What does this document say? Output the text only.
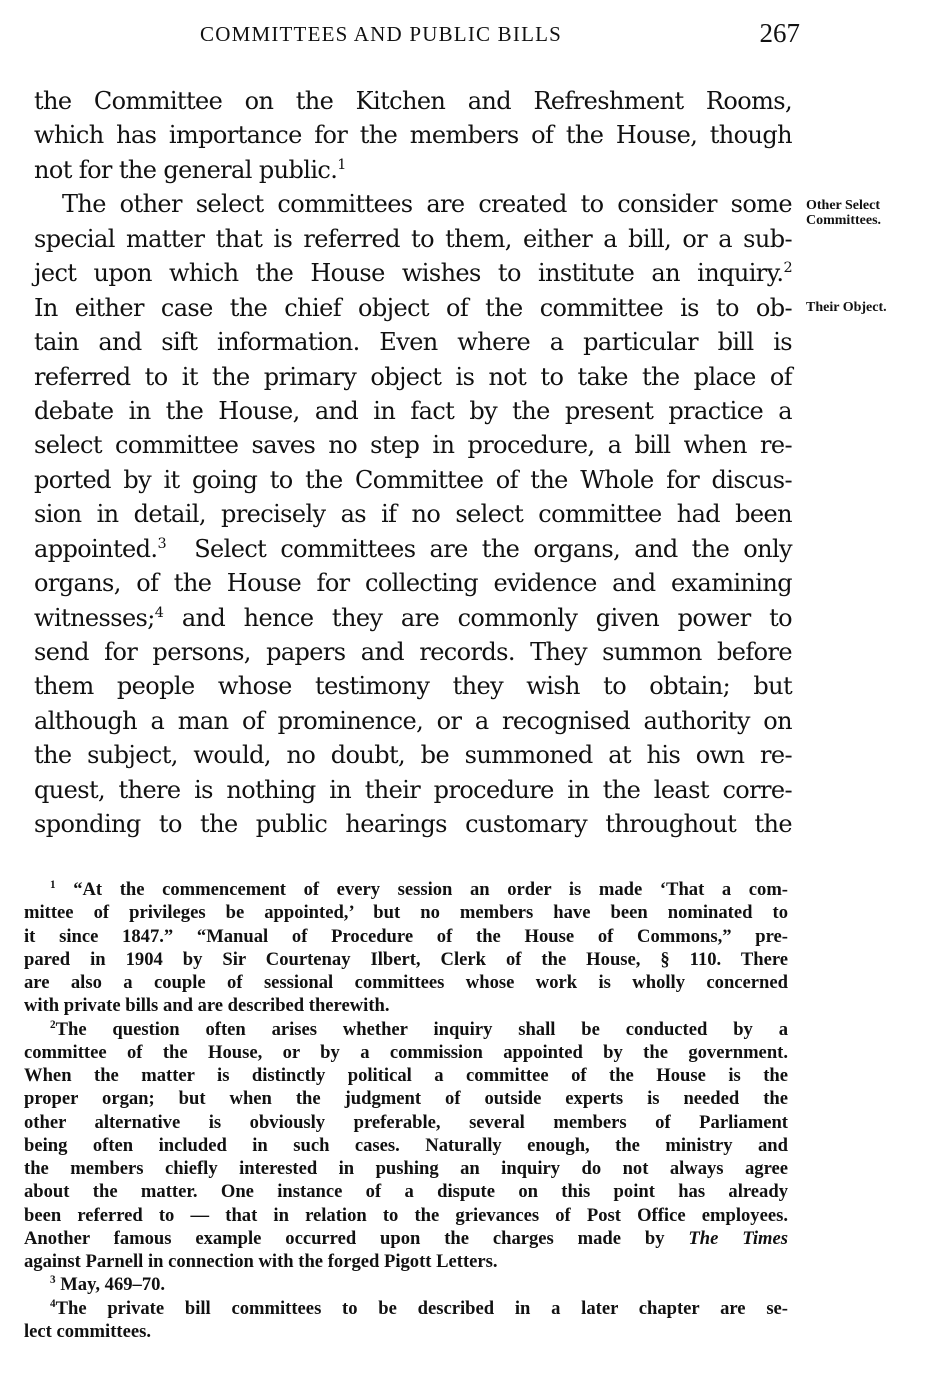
COMMITTEES AND PUBLIC BILLS	267
the Committee on the Kitchen and Refreshment Rooms,
which has importance for the members of the House, though
not for the general public.$^1$
The other select committees are created to consider some
special matter that is referred to them, either a bill, or a sub-
ject upon which the House wishes to institute an inquiry.$^2$
In either case the chief object of the committee is to ob-
tain and sift information. Even where a particular bill is
referred to it the primary object is not to take the place of
debate in the House, and in fact by the present practice a
select committee saves no step in procedure, a bill when re-
ported by it going to the Committee of the Whole for discus-
sion in detail, precisely as if no select committee had been
appointed.$^3$ Select committees are the organs, and the only
organs, of the House for collecting evidence and examining
witnesses;$^4$ and hence they are commonly given power to
send for persons, papers and records. They summon before
them people whose testimony they wish to obtain; but
although a man of prominence, or a recognised authority on
the subject, would, no doubt, be summoned at his own re-
quest, there is nothing in their procedure in the least corre-
sponding to the public hearings customary throughout the
Other Select Committees.
Their Object.
$^1$ “At the commencement of every session an order is made ‘That a com-
mittee of privileges be appointed,’ but no members have been nominated to
it since 1847.” “Manual of Procedure of the House of Commons,” pre-
pared in 1904 by Sir Courtenay Ilbert, Clerk of the House, § 110. There
are also a couple of sessional committees whose work is wholly concerned
with private bills and are described therewith.
$^2$The question often arises whether inquiry shall be conducted by a
committee of the House, or by a commission appointed by the government.
When the matter is distinctly political a committee of the House is the
proper organ; but when the judgment of outside experts is needed the
other alternative is obviously preferable, several members of Parliament
being often included in such cases. Naturally enough, the ministry and
the members chiefly interested in pushing an inquiry do not always agree
about the matter. One instance of a dispute on this point has already
been referred to — that in relation to the grievances of Post Office employees.
Another famous example occurred upon the charges made by The Times
against Parnell in connection with the forged Pigott Letters.
$^3$ May, 469–70.
$^4$The private bill committees to be described in a later chapter are se-
lect committees.
